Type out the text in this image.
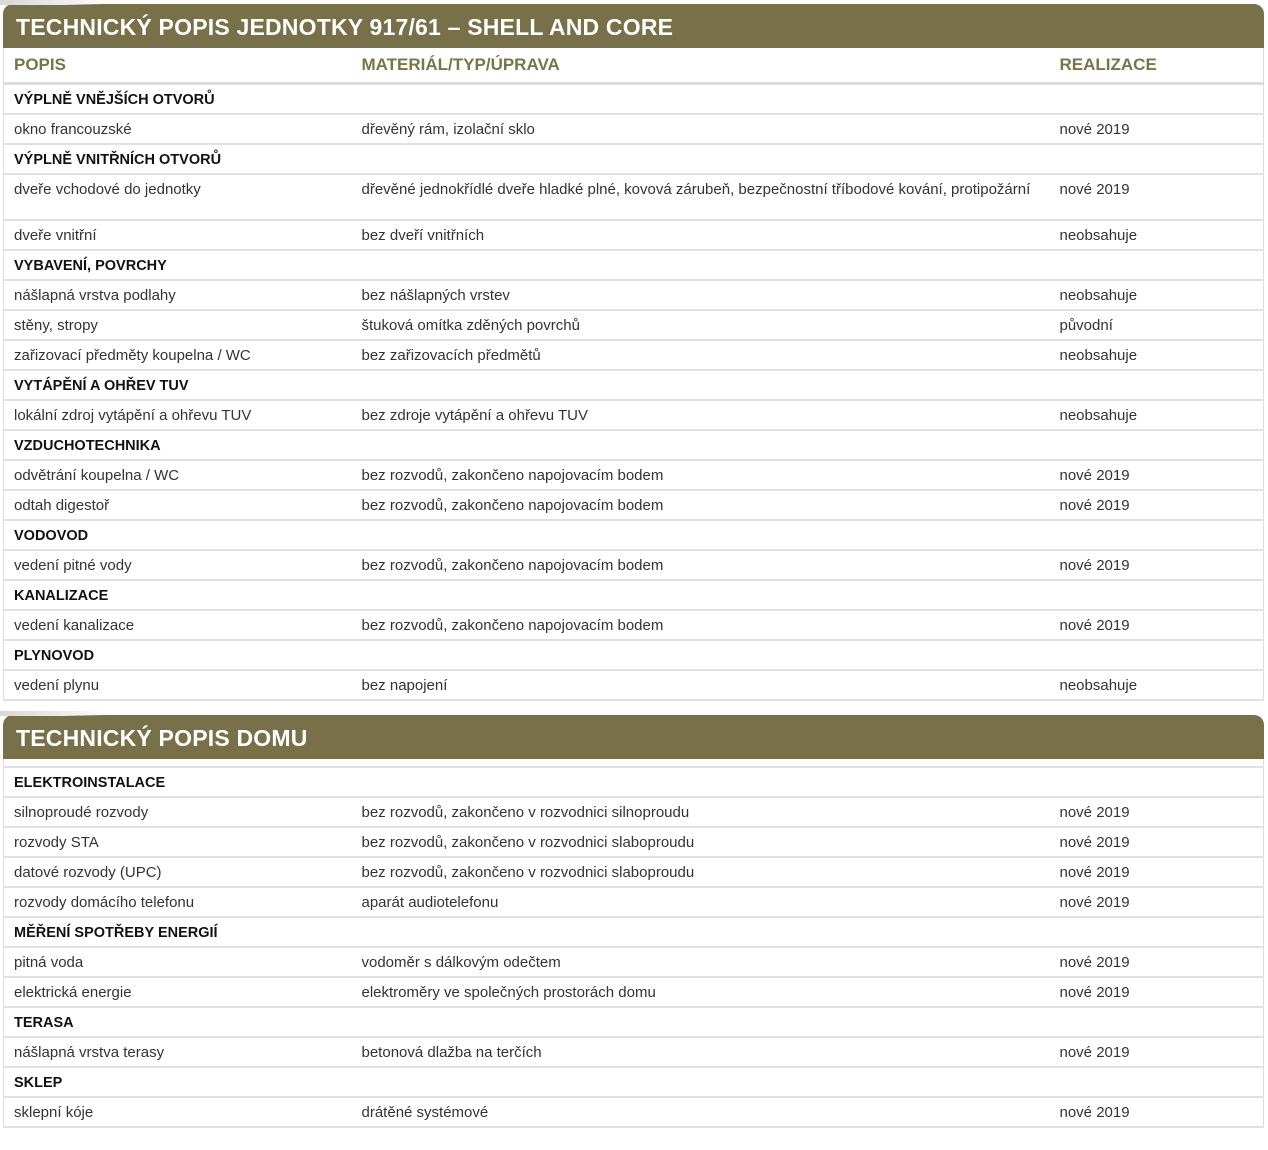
TECHNICKÝ POPIS JEDNOTKY 917/61 – SHELL AND CORE
POPIS	MATERIÁL/TYP/ÚPRAVA	REALIZACE
VÝPLNĚ VNĚJŠÍCH OTVORŮ		
okno francouzské	dřevěný rám, izolační sklo	nové 2019
VÝPLNĚ VNITŘNÍCH OTVORŮ		
dveře vchodové do jednotky	dřevěné jednokřídlé dveře hladké plné, kovová zárubeň, bezpečnostní tříbodové kování, protipožární	nové 2019
dveře vnitřní	bez dveří vnitřních	neobsahuje
VYBAVENÍ, POVRCHY		
nášlapná vrstva podlahy	bez nášlapných vrstev	neobsahuje
stěny, stropy	štuková omítka zděných povrchů	původní
zařizovací předměty koupelna / WC	bez zařizovacích předmětů	neobsahuje
VYTÁPĚNÍ A OHŘEV TUV		
lokální zdroj vytápění a ohřevu TUV	bez zdroje vytápění a ohřevu TUV	neobsahuje
VZDUCHOTECHNIKA		
odvětrání koupelna / WC	bez rozvodů, zakončeno napojovacím bodem	nové 2019
odtah digestoř	bez rozvodů, zakončeno napojovacím bodem	nové 2019
VODOVOD		
vedení pitné vody	bez rozvodů, zakončeno napojovacím bodem	nové 2019
KANALIZACE		
vedení kanalizace	bez rozvodů, zakončeno napojovacím bodem	nové 2019
PLYNOVOD		
vedení plynu	bez napojení	neobsahuje
TECHNICKÝ POPIS DOMU

ELEKTROINSTALACE		
silnoproudé rozvody	bez rozvodů, zakončeno v rozvodnici silnoproudu	nové 2019
rozvody STA	bez rozvodů, zakončeno v rozvodnici slaboproudu	nové 2019
datové rozvody (UPC)	bez rozvodů, zakončeno v rozvodnici slaboproudu	nové 2019
rozvody domácího telefonu	aparát audiotelefonu	nové 2019
MĚŘENÍ SPOTŘEBY ENERGIÍ		
pitná voda	vodoměr s dálkovým odečtem	nové 2019
elektrická energie	elektroměry ve společných prostorách domu	nové 2019
TERASA		
nášlapná vrstva terasy	betonová dlažba na terčích	nové 2019
SKLEP		
sklepní kóje	drátěné systémové	nové 2019
